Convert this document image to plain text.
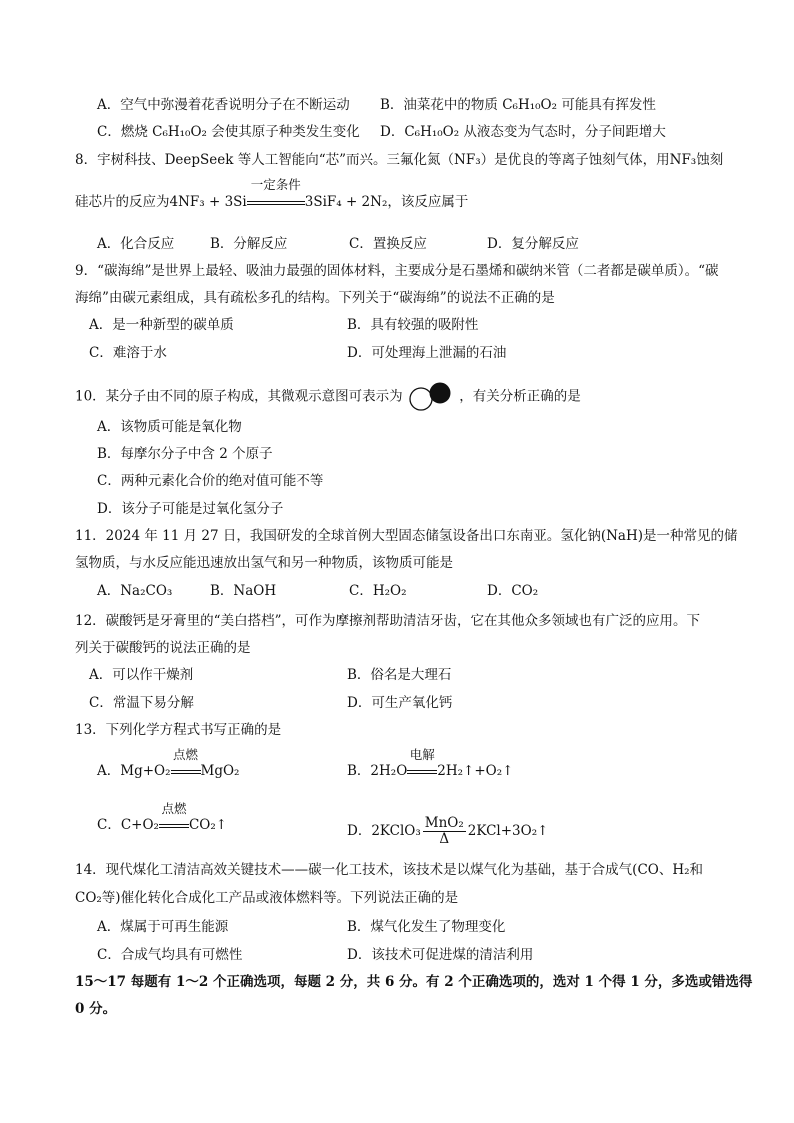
A．空气中弥漫着花香说明分子在不断运动 B．油菜花中的物质 C₆H₁₀O₂ 可能具有挥发性
C．燃烧 C₆H₁₀O₂ 会使其原子种类发生变化 D．C₆H₁₀O₂ 从液态变为气态时，分子间距增大
8．宇树科技、DeepSeek 等人工智能向“芯”而兴。三氟化氮（NF₃）是优良的等离子蚀刻气体，用NF₃蚀刻
硅芯片的反应为4NF₃ + 3Si
一定条件
3SiF₄ + 2N₂，该反应属于
A．化合反应	B．分解反应	C．置换反应	D．复分解反应
9．“碳海绵”是世界上最轻、吸油力最强的固体材料，主要成分是石墨烯和碳纳米管（二者都是碳单质）。“碳
海绵”由碳元素组成，具有疏松多孔的结构。下列关于“碳海绵”的说法不正确的是
A．是一种新型的碳单质	B．具有较强的吸附性
C．难溶于水	D．可处理海上泄漏的石油
10．某分子由不同的原子构成，其微观示意图可表示为	，有关分析正确的是
A．该物质可能是氧化物
B．每摩尔分子中含 2 个原子
C．两种元素化合价的绝对值可能不等
D．该分子可能是过氧化氢分子
11．2024 年 11 月 27 日，我国研发的全球首例大型固态储氢设备出口东南亚。氢化钠(NaH)是一种常见的储
氢物质，与水反应能迅速放出氢气和另一种物质，该物质可能是
A．Na₂CO₃	B．NaOH	C．H₂O₂	D．CO₂
12．碳酸钙是牙膏里的“美白搭档”，可作为摩擦剂帮助清洁牙齿，它在其他众多领域也有广泛的应用。下
列关于碳酸钙的说法正确的是
A．可以作干燥剂	B．俗名是大理石
C．常温下易分解	D．可生产氧化钙
13．下列化学方程式书写正确的是
A．Mg+O₂
点燃
MgO₂	B．2H₂O
电解
2H₂↑+O₂↑
C．C+O₂
点燃
CO₂↑	D．2KClO₃ $\frac{\text{MnO₂}}{\Delta}$ 2KCl+3O₂↑
14．现代煤化工清洁高效关键技术——碳一化工技术，该技术是以煤气化为基础，基于合成气(CO、H₂和
CO₂等)催化转化合成化工产品或液体燃料等。下列说法正确的是
A．煤属于可再生能源	B．煤气化发生了物理变化
C．合成气均具有可燃性	D．该技术可促进煤的清洁利用
15～17 每题有 1～2 个正确选项，每题 2 分，共 6 分。有 2 个正确选项的，选对 1 个得 1 分，多选或错选得
0 分。
